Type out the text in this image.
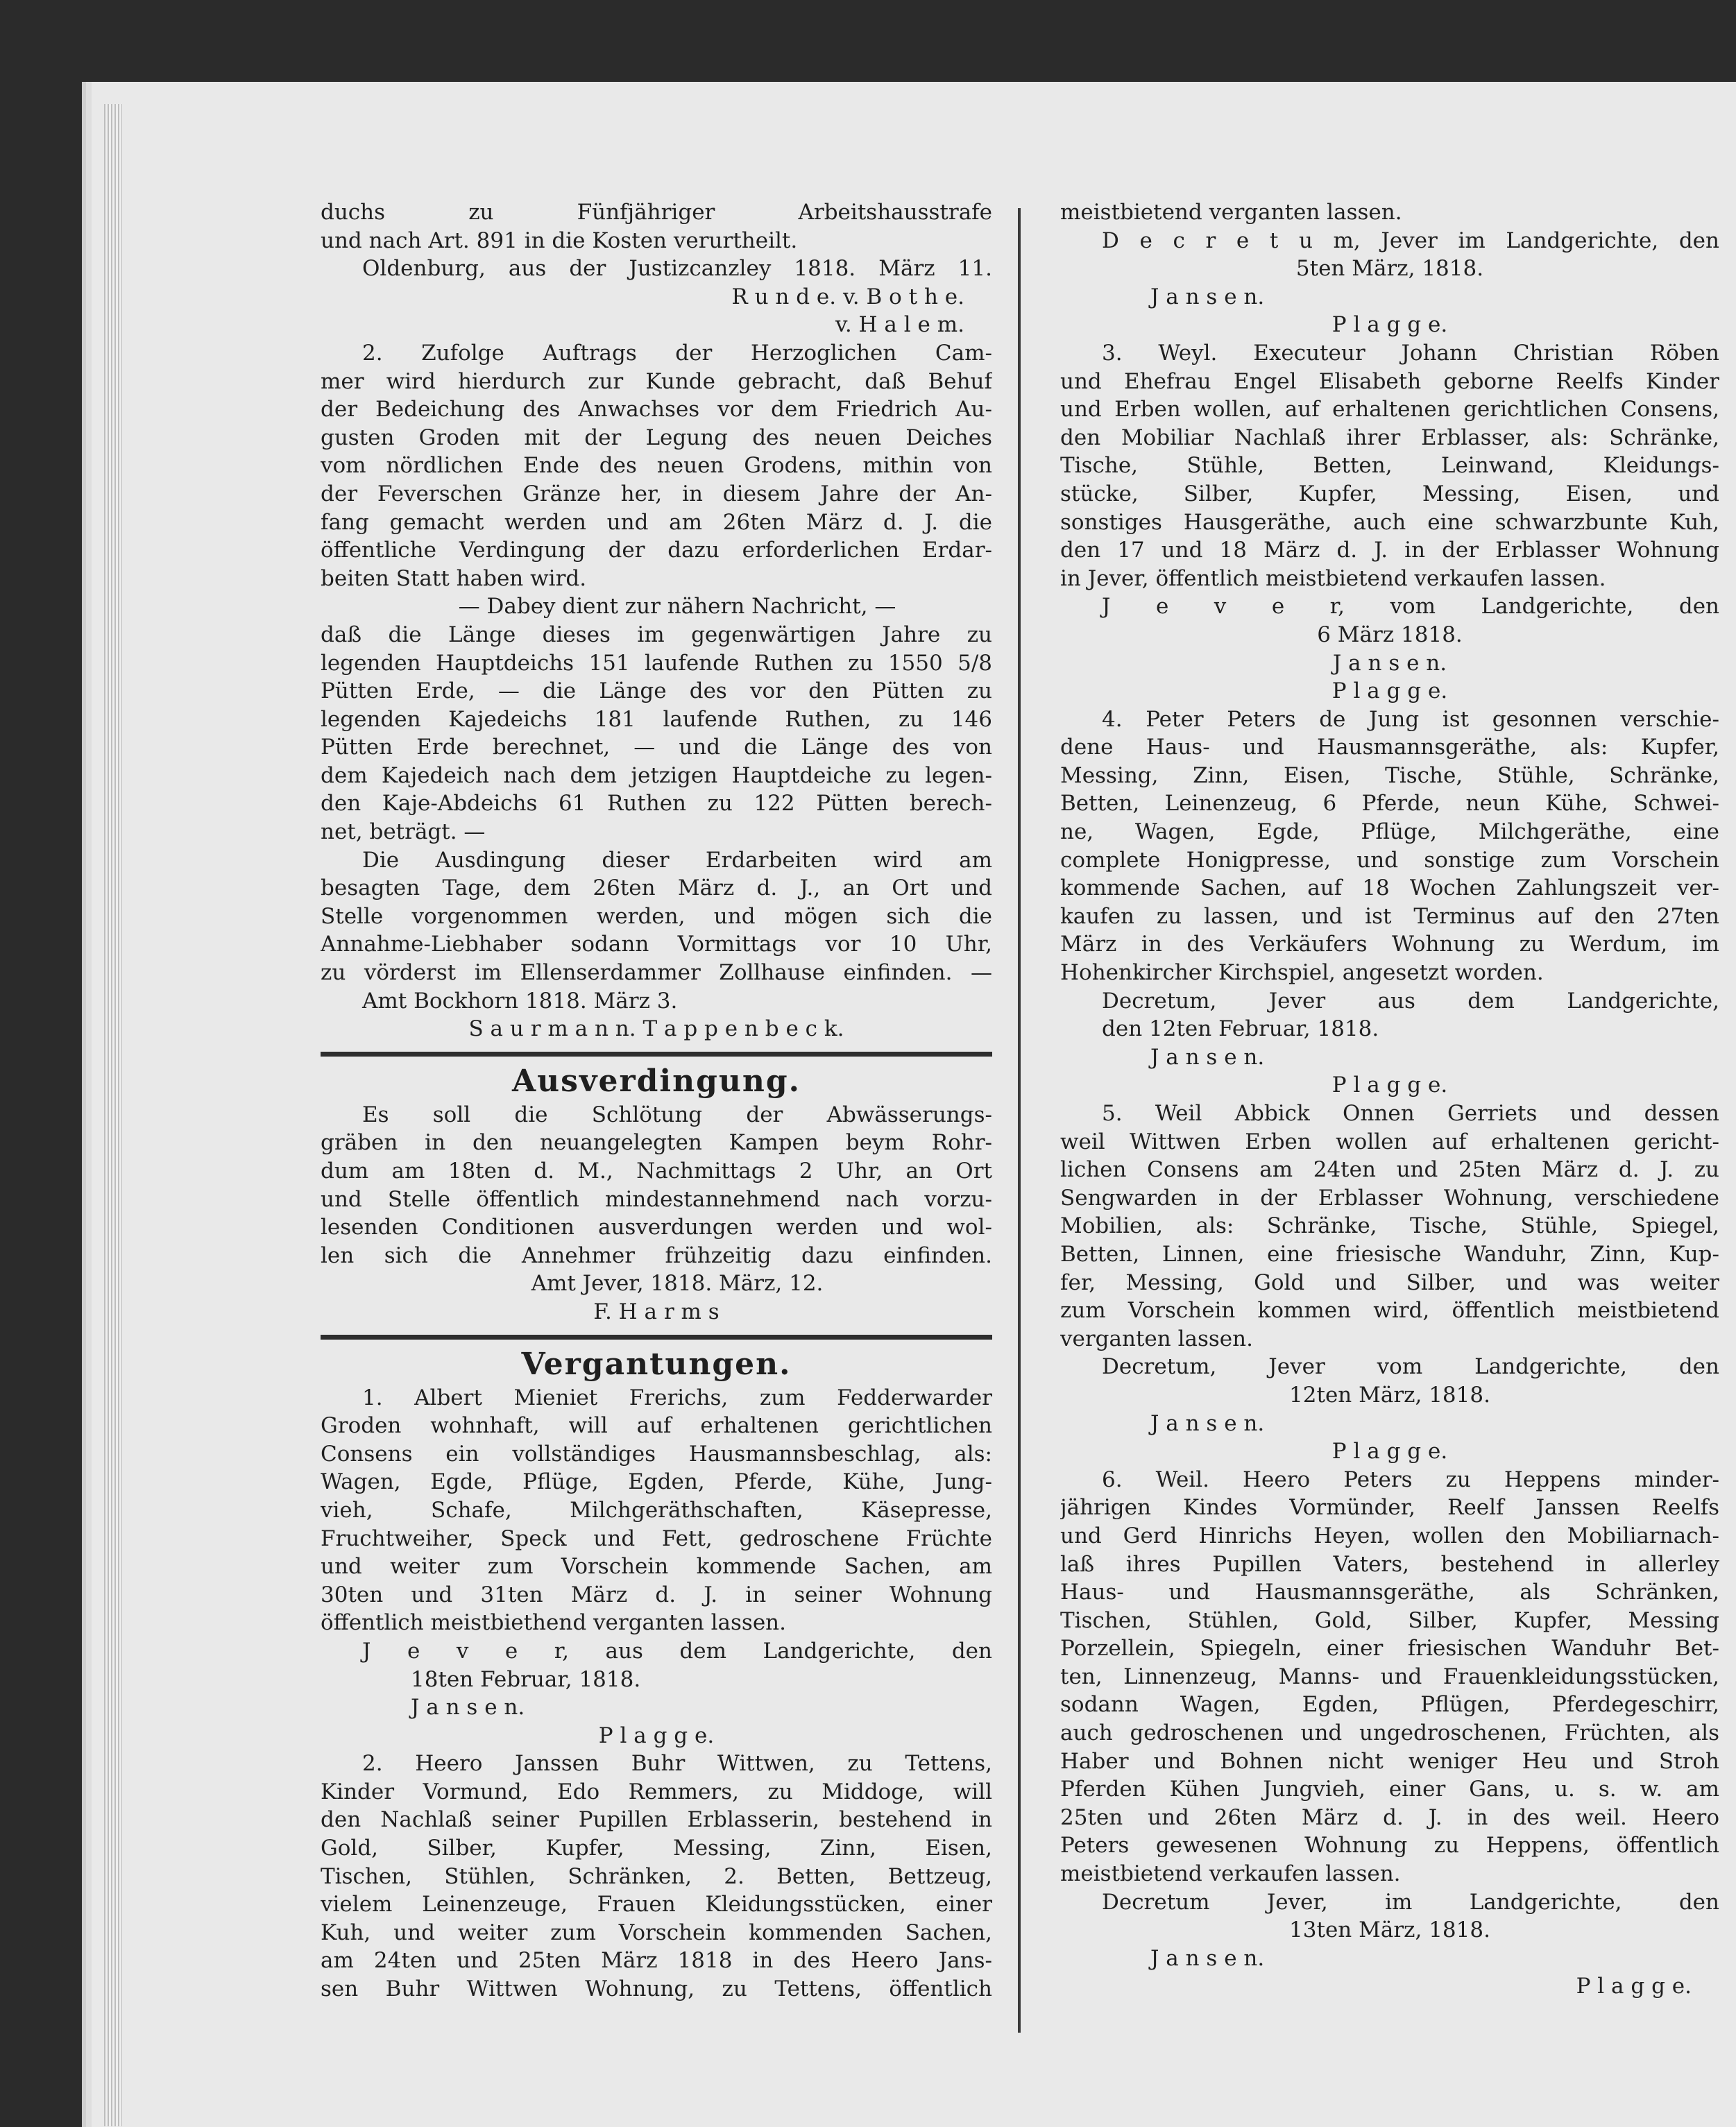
duchs zu Fünfjähriger Arbeitshausstrafe
und nach Art. 891 in die Kosten verurtheilt.
Oldenburg, aus der Justizcanzley 1818. März 11.
R u n d e. v. B o t h e.
v. H a l e m.
2. Zufolge Auftrags der Herzoglichen Cam-
mer wird hierdurch zur Kunde gebracht, daß Behuf
der Bedeichung des Anwachses vor dem Friedrich Au-
gusten Groden mit der Legung des neuen Deiches
vom nördlichen Ende des neuen Grodens, mithin von
der Feverschen Gränze her, in diesem Jahre der An-
fang gemacht werden und am 26ten März d. J. die
öffentliche Verdingung der dazu erforderlichen Erdar-
beiten Statt haben wird.
— Dabey dient zur nähern Nachricht, —
daß die Länge dieses im gegenwärtigen Jahre zu
legenden Hauptdeichs 151 laufende Ruthen zu 1550 5/8
Pütten Erde, — die Länge des vor den Pütten zu
legenden Kajedeichs 181 laufende Ruthen, zu 146
Pütten Erde berechnet, — und die Länge des von
dem Kajedeich nach dem jetzigen Hauptdeiche zu legen-
den Kaje-Abdeichs 61 Ruthen zu 122 Pütten berech-
net, beträgt. —
Die Ausdingung dieser Erdarbeiten wird am
besagten Tage, dem 26ten März d. J., an Ort und
Stelle vorgenommen werden, und mögen sich die
Annahme-Liebhaber sodann Vormittags vor 10 Uhr,
zu vörderst im Ellenserdammer Zollhause einfinden. —
Amt Bockhorn 1818. März 3.
S a u r m a n n. T a p p e n b e c k.
Ausverdingung.
Es soll die Schlötung der Abwässerungs-
gräben in den neuangelegten Kampen beym Rohr-
dum am 18ten d. M., Nachmittags 2 Uhr, an Ort
und Stelle öffentlich mindestannehmend nach vorzu-
lesenden Conditionen ausverdungen werden und wol-
len sich die Annehmer frühzeitig dazu einfinden.
Amt Jever, 1818. März, 12.
F. H a r m s
Vergantungen.
1. Albert Mieniet Frerichs, zum Fedderwarder
Groden wohnhaft, will auf erhaltenen gerichtlichen
Consens ein vollständiges Hausmannsbeschlag, als:
Wagen, Egde, Pflüge, Egden, Pferde, Kühe, Jung-
vieh, Schafe, Milchgeräthschaften, Käsepresse,
Fruchtweiher, Speck und Fett, gedroschene Früchte
und weiter zum Vorschein kommende Sachen, am
30ten und 31ten März d. J. in seiner Wohnung
öffentlich meistbiethend verganten lassen.
J e v e r, aus dem Landgerichte, den
18ten Februar, 1818.
J a n s e n.
P l a g g e.
2. Heero Janssen Buhr Wittwen, zu Tettens,
Kinder Vormund, Edo Remmers, zu Middoge, will
den Nachlaß seiner Pupillen Erblasserin, bestehend in
Gold, Silber, Kupfer, Messing, Zinn, Eisen,
Tischen, Stühlen, Schränken, 2. Betten, Bettzeug,
vielem Leinenzeuge, Frauen Kleidungsstücken, einer
Kuh, und weiter zum Vorschein kommenden Sachen,
am 24ten und 25ten März 1818 in des Heero Jans-
sen Buhr Wittwen Wohnung, zu Tettens, öffentlich
meistbietend verganten lassen.
D e c r e t u m, Jever im Landgerichte, den
5ten März, 1818.
J a n s e n.
P l a g g e.
3. Weyl. Executeur Johann Christian Röben
und Ehefrau Engel Elisabeth geborne Reelfs Kinder
und Erben wollen, auf erhaltenen gerichtlichen Consens,
den Mobiliar Nachlaß ihrer Erblasser, als: Schränke,
Tische, Stühle, Betten, Leinwand, Kleidungs-
stücke, Silber, Kupfer, Messing, Eisen, und
sonstiges Hausgeräthe, auch eine schwarzbunte Kuh,
den 17 und 18 März d. J. in der Erblasser Wohnung
in Jever, öffentlich meistbietend verkaufen lassen.
J e v e r, vom Landgerichte, den
6 März 1818.
J a n s e n.
P l a g g e.
4. Peter Peters de Jung ist gesonnen verschie-
dene Haus- und Hausmannsgeräthe, als: Kupfer,
Messing, Zinn, Eisen, Tische, Stühle, Schränke,
Betten, Leinenzeug, 6 Pferde, neun Kühe, Schwei-
ne, Wagen, Egde, Pflüge, Milchgeräthe, eine
complete Honigpresse, und sonstige zum Vorschein
kommende Sachen, auf 18 Wochen Zahlungszeit ver-
kaufen zu lassen, und ist Terminus auf den 27ten
März in des Verkäufers Wohnung zu Werdum, im
Hohenkircher Kirchspiel, angesetzt worden.
Decretum, Jever aus dem Landgerichte,
den 12ten Februar, 1818.
J a n s e n.
P l a g g e.
5. Weil Abbick Onnen Gerriets und dessen
weil Wittwen Erben wollen auf erhaltenen gericht-
lichen Consens am 24ten und 25ten März d. J. zu
Sengwarden in der Erblasser Wohnung, verschiedene
Mobilien, als: Schränke, Tische, Stühle, Spiegel,
Betten, Linnen, eine friesische Wanduhr, Zinn, Kup-
fer, Messing, Gold und Silber, und was weiter
zum Vorschein kommen wird, öffentlich meistbietend
verganten lassen.
Decretum, Jever vom Landgerichte, den
12ten März, 1818.
J a n s e n.
P l a g g e.
6. Weil. Heero Peters zu Heppens minder-
jährigen Kindes Vormünder, Reelf Janssen Reelfs
und Gerd Hinrichs Heyen, wollen den Mobiliarnach-
laß ihres Pupillen Vaters, bestehend in allerley
Haus- und Hausmannsgeräthe, als Schränken,
Tischen, Stühlen, Gold, Silber, Kupfer, Messing
Porzellein, Spiegeln, einer friesischen Wanduhr Bet-
ten, Linnenzeug, Manns- und Frauenkleidungsstücken,
sodann Wagen, Egden, Pflügen, Pferdegeschirr,
auch gedroschenen und ungedroschenen, Früchten, als
Haber und Bohnen nicht weniger Heu und Stroh
Pferden Kühen Jungvieh, einer Gans, u. s. w. am
25ten und 26ten März d. J. in des weil. Heero
Peters gewesenen Wohnung zu Heppens, öffentlich
meistbietend verkaufen lassen.
Decretum Jever, im Landgerichte, den
13ten März, 1818.
J a n s e n.
P l a g g e.
